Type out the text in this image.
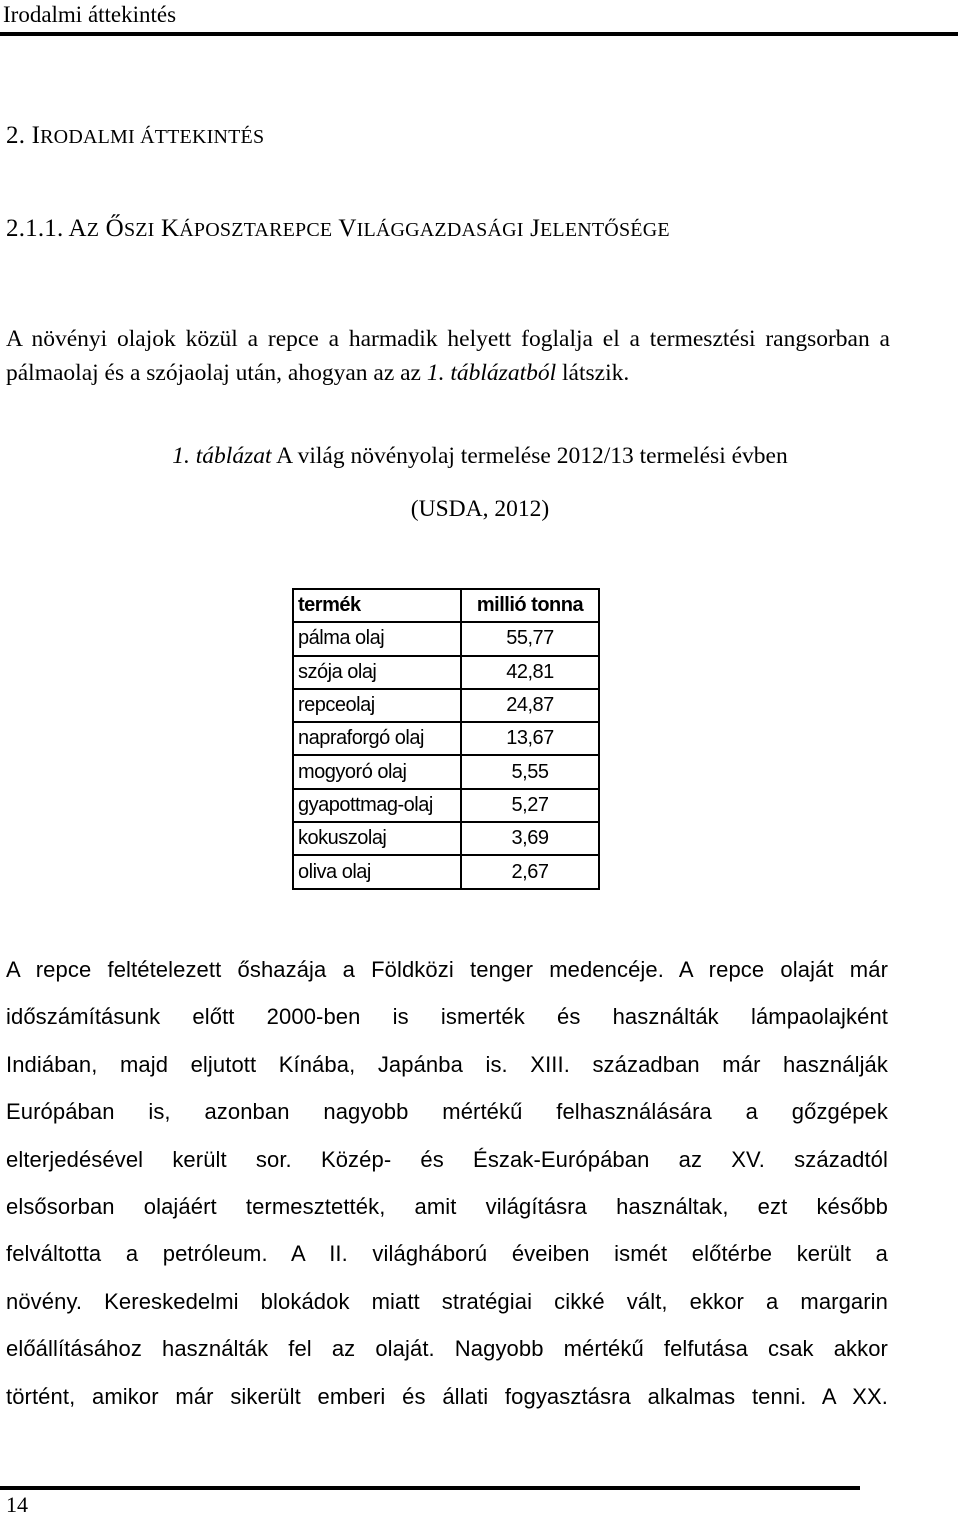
Irodalmi áttekintés
2. IRODALMI ÁTTEKINTÉS
2.1.1. AZ ŐSZI KÁPOSZTAREPCE VILÁGGAZDASÁGI JELENTŐSÉGE

A növényi olajok közül a repce a harmadik helyett foglalja el a termesztési rangsorban a pálmaolaj és a szójaolaj után, ahogyan az az 1. táblázatból látszik.

1. táblázat A világ növényolaj termelése 2012/13 termelési évben
(USDA, 2012)
termék	millió tonna
pálma olaj	55,77
szója olaj	42,81
repceolaj	24,87
napraforgó olaj	13,67
mogyoró olaj	5,55
gyapottmag-olaj	5,27
kokuszolaj	3,69
oliva olaj	2,67
A repce feltételezett őshazája a Földközi tenger medencéje. A repce olaját már
időszámításunk előtt 2000-ben is ismerték és használták lámpaolajként
Indiában, majd eljutott Kínába, Japánba is. XIII. században már használják
Európában is, azonban nagyobb mértékű felhasználására a gőzgépek
elterjedésével került sor. Közép- és Észak-Európában az XV. századtól
elsősorban olajáért termesztették, amit világításra használtak, ezt később
felváltotta a petróleum. A II. világháború éveiben ismét előtérbe került a
növény. Kereskedelmi blokádok miatt stratégiai cikké vált, ekkor a margarin
előállításához használták fel az olaját. Nagyobb mértékű felfutása csak akkor
történt, amikor már sikerült emberi és állati fogyasztásra alkalmas tenni. A XX.
14
